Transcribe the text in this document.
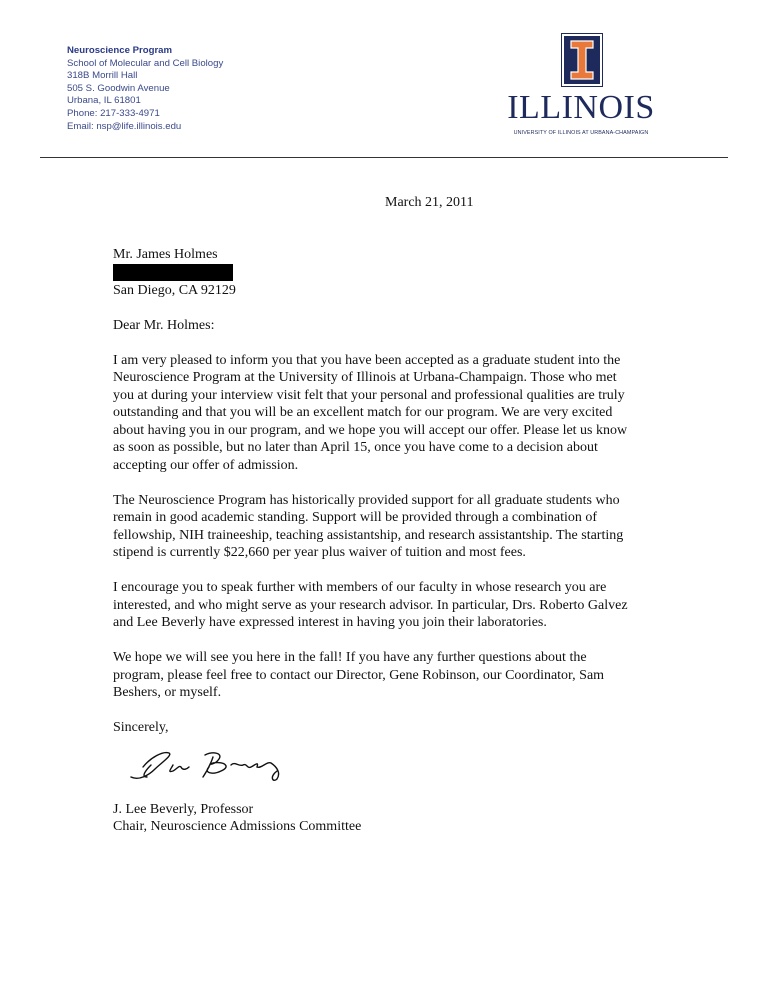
Neuroscience Program
School of Molecular and Cell Biology
318B Morrill Hall
505 S. Goodwin Avenue
Urbana, IL 61801
Phone: 217-333-4971
Email: nsp@life.illinois.edu
ILLINOIS
UNIVERSITY OF ILLINOIS AT URBANA-CHAMPAIGN
March 21, 2011

Mr. James Holmes

San Diego, CA 92129

Dear Mr. Holmes:

I am very pleased to inform you that you have been accepted as a graduate student into the Neuroscience Program at the University of Illinois at Urbana-Champaign. Those who met you at during your interview visit felt that your personal and professional qualities are truly outstanding and that you will be an excellent match for our program. We are very excited about having you in our program, and we hope you will accept our offer. Please let us know as soon as possible, but no later than April 15, once you have come to a decision about accepting our offer of admission.

The Neuroscience Program has historically provided support for all graduate students who remain in good academic standing. Support will be provided through a combination of fellowship, NIH traineeship, teaching assistantship, and research assistantship. The starting stipend is currently $22,660 per year plus waiver of tuition and most fees.

I encourage you to speak further with members of our faculty in whose research you are interested, and who might serve as your research advisor. In particular, Drs. Roberto Galvez and Lee Beverly have expressed interest in having you join their laboratories.

We hope we will see you here in the fall! If you have any further questions about the program, please feel free to contact our Director, Gene Robinson, our Coordinator, Sam Beshers, or myself.

Sincerely,

J. Lee Beverly, Professor

Chair, Neuroscience Admissions Committee
